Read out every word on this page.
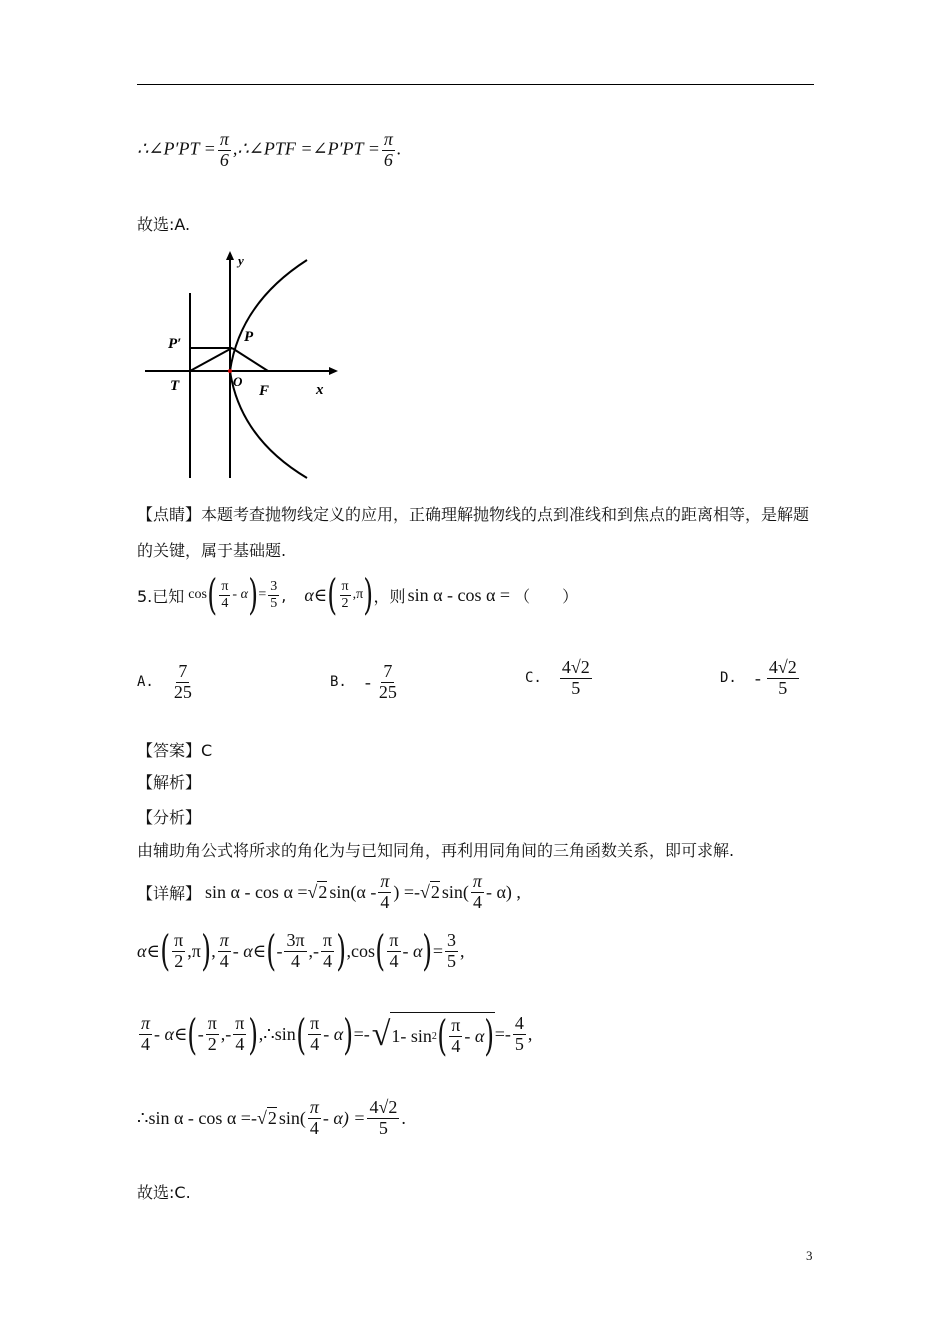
∴∠P′PT = $\frac{\pi}{6}$ ,∴∠PTF =∠P′PT = $\frac{\pi}{6}$ .
故选:A.
y
x
P
P′
T	O
F
【点睛】本题考查抛物线定义的应用，正确理解抛物线的点到准线和到焦点的距离相等，是解题
的关键，属于基础题.
5.已知 cos ( $\frac{\pi}{4}$ - α ) = $\frac{3}{5}$ , α∈ ( $\frac{\pi}{2} ,\pi$ ) ，则 sin α - cos α = （　　）
A. $\frac{7}{25}$	B. - $\frac{7}{25}$	C. $\frac{4√2}{5}$	D. - $\frac{4√2}{5}$
【答案】C
【解析】
【分析】
由辅助角公式将所求的角化为与已知同角，再利用同角间的三角函数关系，即可求解.
【详解】 sin α - cos α = √ 2 $\sin(\alpha - \frac{\pi}{4}$ ) =- √ 2 $\sin( \frac{\pi}{4} - \alpha)$ ,
α∈ ( $\frac{\pi}{2} ,\pi$ ) , $\frac{\pi}{4}$ - α∈ ( - $\frac{3\pi}{4}$ ,- $\frac{\pi}{4}$ ) ,cos ( $\frac{\pi}{4}$ - α ) = $\frac{3}{5}$ ,
$\frac{\pi}{4}$ - α∈ ( - $\frac{\pi}{2}$ ,- $\frac{\pi}{4}$ ) ,∴sin ( $\frac{\pi}{4}$ - α ) =- √ 1- sin 2 ( $\frac{\pi}{4}$ - α ) =- $\frac{4}{5}$ ,
∴sin α - cos α =- √ 2 $\sin( \frac{\pi}{4} - \alpha) = \frac{4√2}{5}$ .
故选:C.
3
